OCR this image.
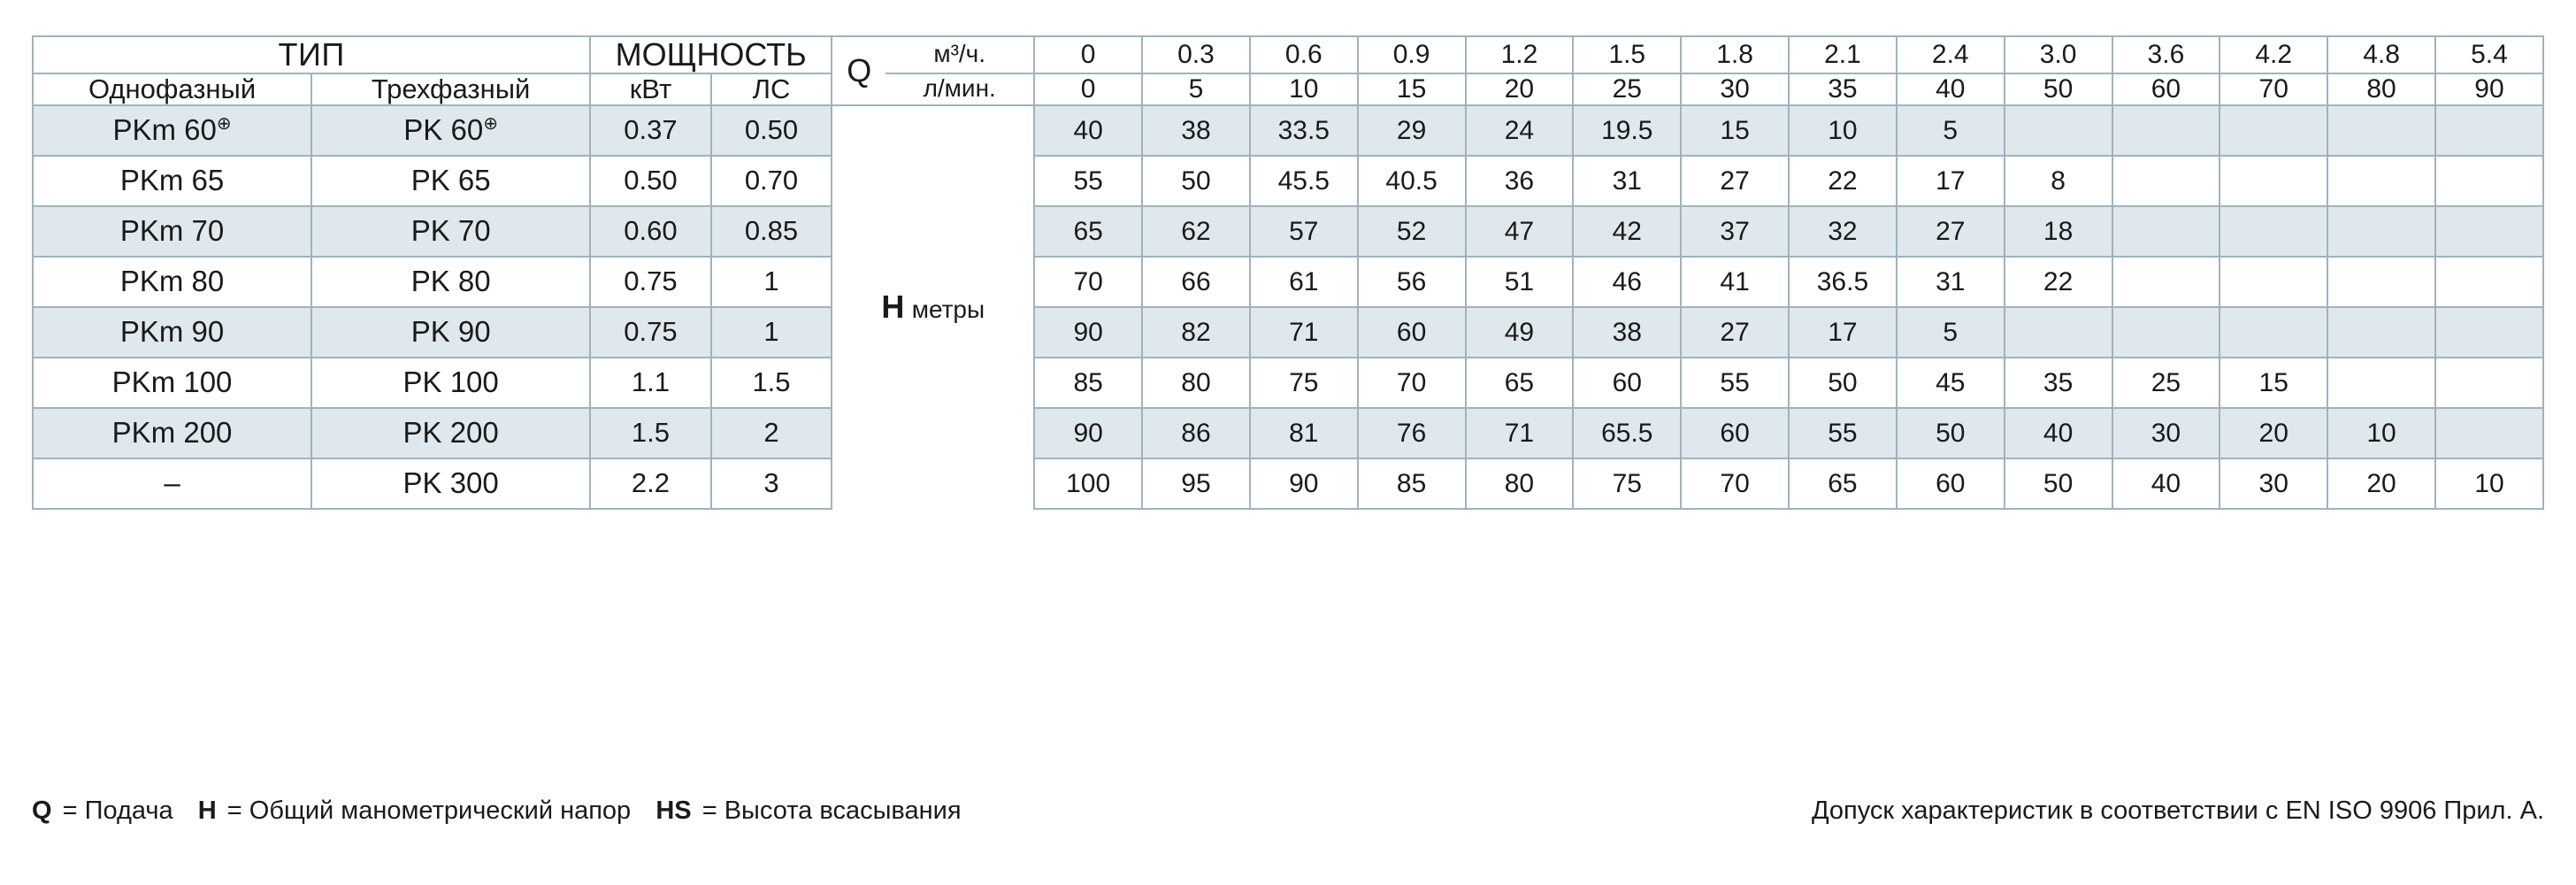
ТИП		МОЩНОСТЬ		Q	м³/ч.	0	0.3	0.6	0.9	1.2	1.5	1.8	2.1	2.4	3.0	3.6	4.2	4.8	5.4
Однофазный	Трехфазный	кВт	ЛС		л/мин.	0	5	10	15	20	25	30	35	40	50	60	70	80	90
PKm 60⊕	PK 60⊕	0.37	0.50	H метры		40	38	33.5	29	24	19.5	15	10	5					
PKm 65	PK 65	0.50	0.70			55	50	45.5	40.5	36	31	27	22	17	8				
PKm 70	PK 70	0.60	0.85			65	62	57	52	47	42	37	32	27	18				
PKm 80	PK 80	0.75	1			70	66	61	56	51	46	41	36.5	31	22				
PKm 90	PK 90	0.75	1			90	82	71	60	49	38	27	17	5					
PKm 100	PK 100	1.1	1.5			85	80	75	70	65	60	55	50	45	35	25	15		
PKm 200	PK 200	1.5	2			90	86	81	76	71	65.5	60	55	50	40	30	20	10	
–	PK 300	2.2	3			100	95	90	85	80	75	70	65	60	50	40	30	20	10
Q = Подача H = Общий манометрический напор HS = Высота всасывания	Допуск характеристик в соответствии с EN ISO 9906 Прил. A.
